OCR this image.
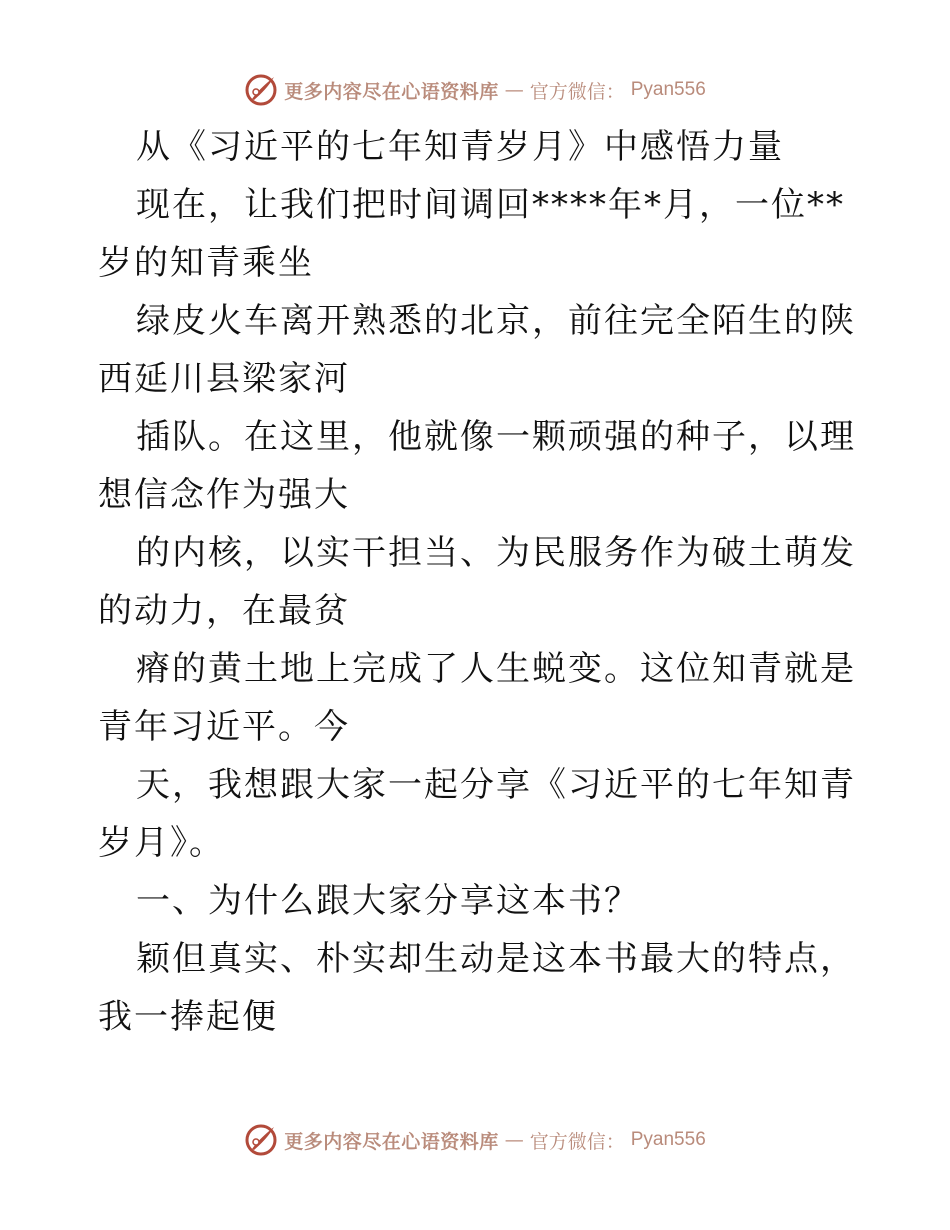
更多内容尽在心语资料库 — 官方微信： Pyan556

从《习近平的七年知青岁月》中感悟力量

现在，让我们把时间调回****年*月，一位**岁的知青乘坐

绿皮火车离开熟悉的北京，前往完全陌生的陕西延川县梁家河

插队。在这里，他就像一颗顽强的种子，以理想信念作为强大

的内核，以实干担当、为民服务作为破土萌发的动力，在最贫

瘠的黄土地上完成了人生蜕变。这位知青就是青年习近平。今

天，我想跟大家一起分享《习近平的七年知青岁月》。

一、为什么跟大家分享这本书？

颖但真实、朴实却生动是这本书最大的特点，我一捧起便

更多内容尽在心语资料库 — 官方微信： Pyan556
